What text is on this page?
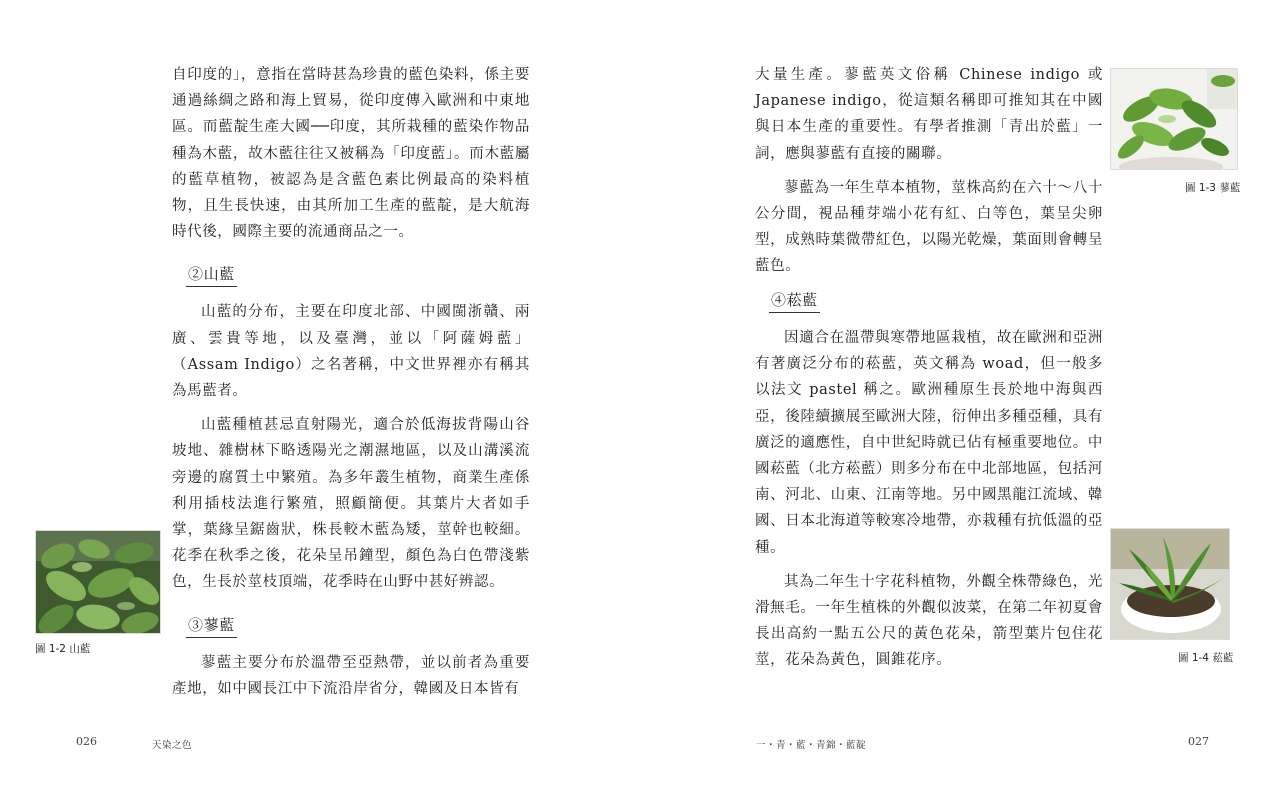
自印度的」，意指在當時甚為珍貴的藍色染料，係主要通過絲綢之路和海上貿易，從印度傳入歐洲和中東地區。而藍靛生產大國──印度，其所栽種的藍染作物品種為木藍，故木藍往往又被稱為「印度藍」。而木藍屬的藍草植物，被認為是含藍色素比例最高的染料植物，且生長快速，由其所加工生產的藍靛，是大航海時代後，國際主要的流通商品之一。

②山藍

山藍的分布，主要在印度北部、中國閩浙贛、兩廣、雲貴等地，以及臺灣，並以「阿薩姆藍」（Assam Indigo）之名著稱，中文世界裡亦有稱其為馬藍者。

山藍種植甚忌直射陽光，適合於低海拔背陽山谷坡地、雜樹林下略透陽光之潮濕地區，以及山溝溪流旁邊的腐質土中繁殖。為多年叢生植物，商業生產係利用插枝法進行繁殖，照顧簡便。其葉片大者如手掌，葉緣呈鋸齒狀，株長較木藍為矮，莖幹也較細。花季在秋季之後，花朵呈吊鐘型，顏色為白色帶淺紫色，生長於莖枝頂端，花季時在山野中甚好辨認。

③蓼藍

蓼藍主要分布於溫帶至亞熱帶，並以前者為重要產地，如中國長江中下流沿岸省分，韓國及日本皆有

圖 1-2 山藍
026	天染之色

大量生產。蓼藍英文俗稱 Chinese indigo 或 Japanese indigo，從這類名稱即可推知其在中國與日本生產的重要性。有學者推測「青出於藍」一詞，應與蓼藍有直接的關聯。

蓼藍為一年生草本植物，莖株高約在六十～八十公分間，視品種芽端小花有紅、白等色，葉呈尖卵型，成熟時葉微帶紅色，以陽光乾燥，葉面則會轉呈藍色。

④菘藍

因適合在溫帶與寒帶地區栽植，故在歐洲和亞洲有著廣泛分布的菘藍，英文稱為 woad，但一般多以法文 pastel 稱之。歐洲種原生長於地中海與西亞，後陸續擴展至歐洲大陸，衍伸出多種亞種，具有廣泛的適應性，自中世紀時就已佔有極重要地位。中國菘藍（北方菘藍）則多分布在中北部地區，包括河南、河北、山東、江南等地。另中國黑龍江流域、韓國、日本北海道等較寒冷地帶，亦栽種有抗低溫的亞種。

其為二年生十字花科植物，外觀全株帶綠色，光滑無毛。一年生植株的外觀似波菜，在第二年初夏會長出高約一點五公尺的黃色花朵，箭型葉片包住花莖，花朵為黃色，圓錐花序。

圖 1-3 蓼藍
圖 1-4 菘藍
一・青・藍・青錦・藍靛	027
